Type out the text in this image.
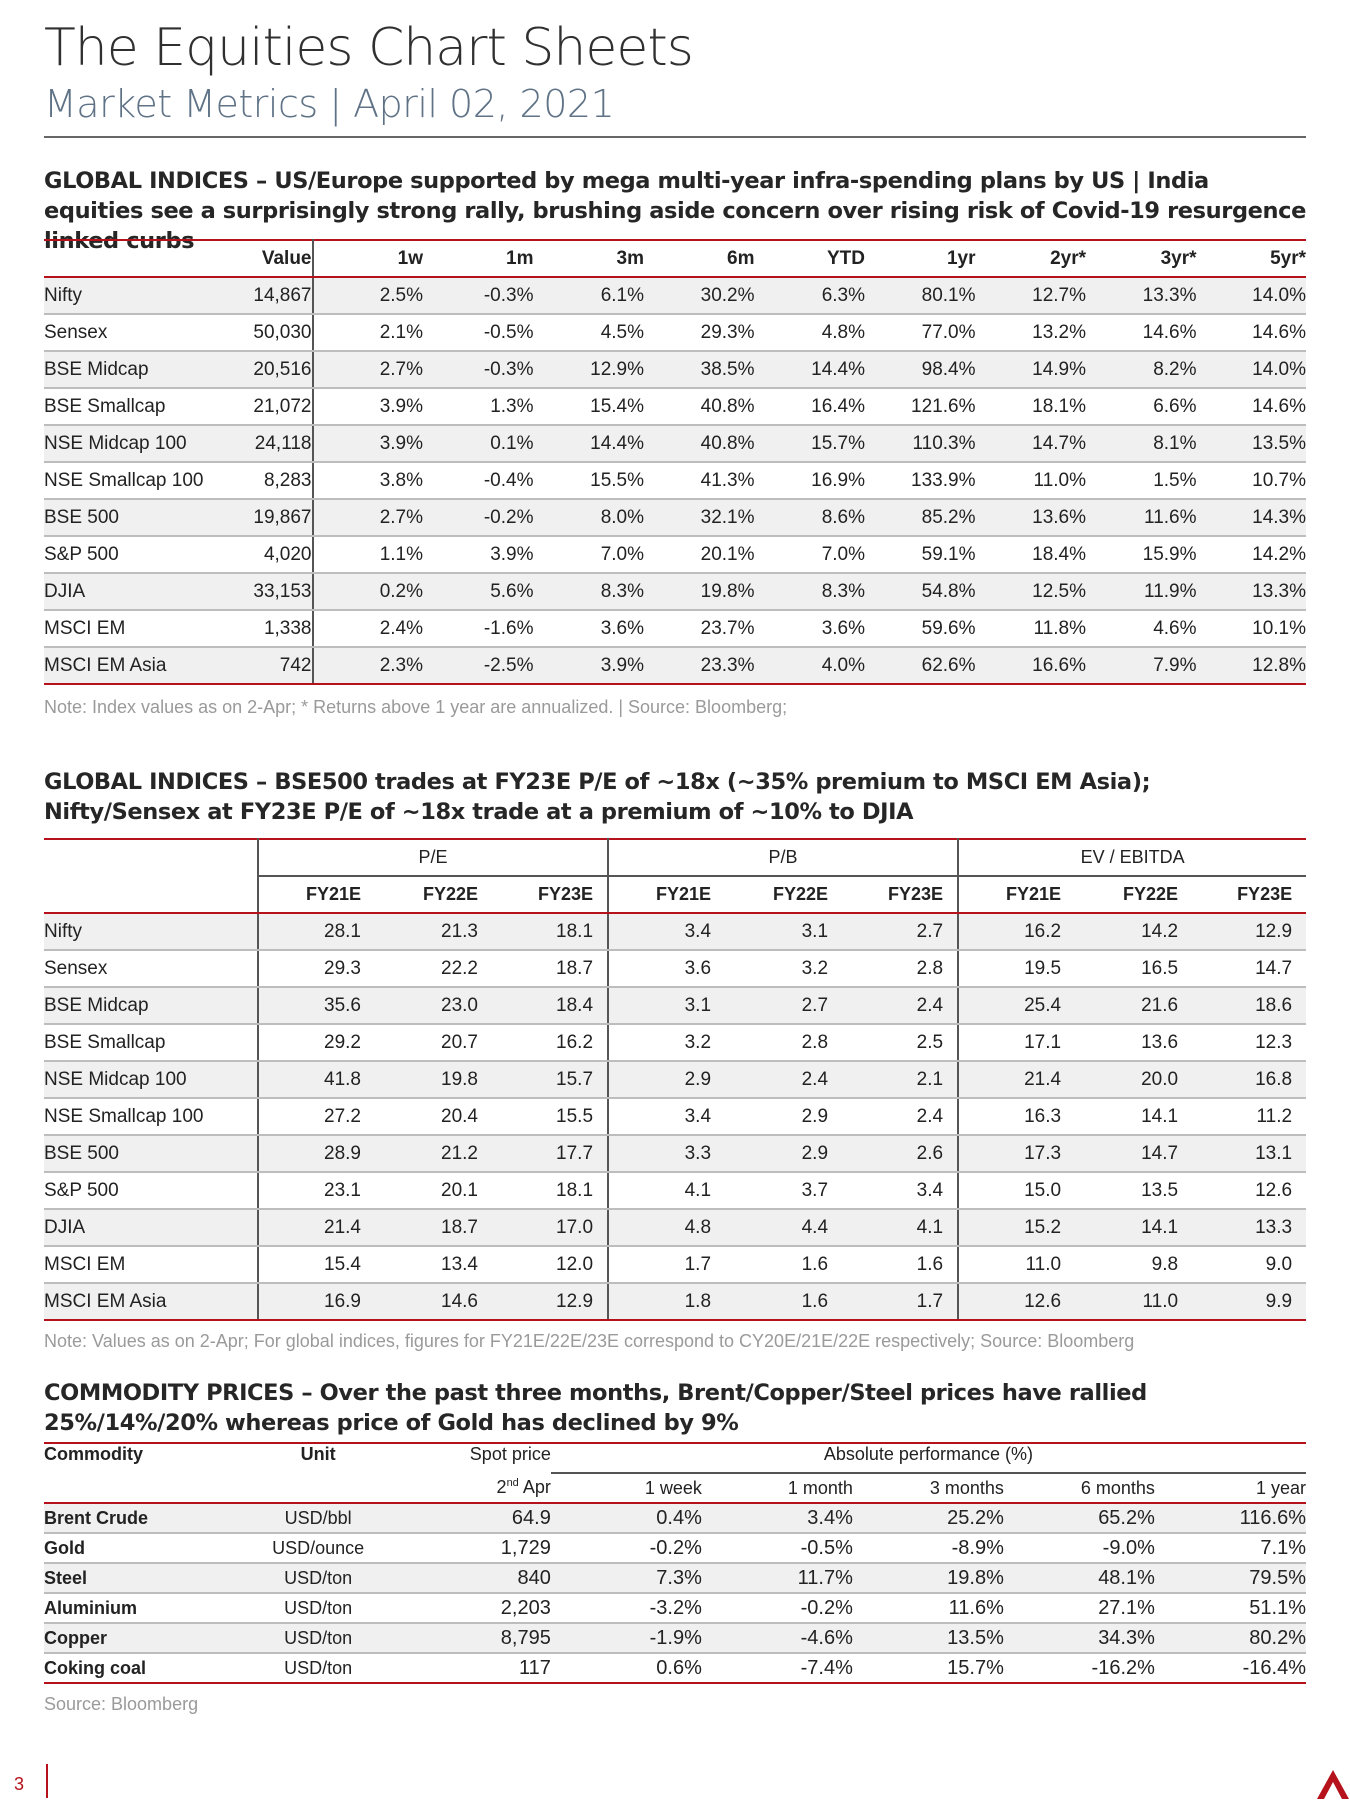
The Equities Chart Sheets
Market Metrics | April 02, 2021
GLOBAL INDICES – US/Europe supported by mega multi-year infra-spending plans by US | India equities see a surprisingly strong rally, brushing aside concern over rising risk of Covid-19 resurgence linked curbs
	Value	1w	1m	3m	6m	YTD	1yr	2yr*	3yr*	5yr*
Nifty	14,867	2.5%	-0.3%	6.1%	30.2%	6.3%	80.1%	12.7%	13.3%	14.0%
Sensex	50,030	2.1%	-0.5%	4.5%	29.3%	4.8%	77.0%	13.2%	14.6%	14.6%
BSE Midcap	20,516	2.7%	-0.3%	12.9%	38.5%	14.4%	98.4%	14.9%	8.2%	14.0%
BSE Smallcap	21,072	3.9%	1.3%	15.4%	40.8%	16.4%	121.6%	18.1%	6.6%	14.6%
NSE Midcap 100	24,118	3.9%	0.1%	14.4%	40.8%	15.7%	110.3%	14.7%	8.1%	13.5%
NSE Smallcap 100	8,283	3.8%	-0.4%	15.5%	41.3%	16.9%	133.9%	11.0%	1.5%	10.7%
BSE 500	19,867	2.7%	-0.2%	8.0%	32.1%	8.6%	85.2%	13.6%	11.6%	14.3%
S&P 500	4,020	1.1%	3.9%	7.0%	20.1%	7.0%	59.1%	18.4%	15.9%	14.2%
DJIA	33,153	0.2%	5.6%	8.3%	19.8%	8.3%	54.8%	12.5%	11.9%	13.3%
MSCI EM	1,338	2.4%	-1.6%	3.6%	23.7%	3.6%	59.6%	11.8%	4.6%	10.1%
MSCI EM Asia	742	2.3%	-2.5%	3.9%	23.3%	4.0%	62.6%	16.6%	7.9%	12.8%
Note: Index values as on 2-Apr; * Returns above 1 year are annualized. | Source: Bloomberg;
GLOBAL INDICES – BSE500 trades at FY23E P/E of ~18x (~35% premium to MSCI EM Asia); Nifty/Sensex at FY23E P/E of ~18x trade at a premium of ~10% to DJIA
	P/E			P/B			EV / EBITDA		
	FY21E	FY22E	FY23E	FY21E	FY22E	FY23E	FY21E	FY22E	FY23E
Nifty	28.1	21.3	18.1	3.4	3.1	2.7	16.2	14.2	12.9
Sensex	29.3	22.2	18.7	3.6	3.2	2.8	19.5	16.5	14.7
BSE Midcap	35.6	23.0	18.4	3.1	2.7	2.4	25.4	21.6	18.6
BSE Smallcap	29.2	20.7	16.2	3.2	2.8	2.5	17.1	13.6	12.3
NSE Midcap 100	41.8	19.8	15.7	2.9	2.4	2.1	21.4	20.0	16.8
NSE Smallcap 100	27.2	20.4	15.5	3.4	2.9	2.4	16.3	14.1	11.2
BSE 500	28.9	21.2	17.7	3.3	2.9	2.6	17.3	14.7	13.1
S&P 500	23.1	20.1	18.1	4.1	3.7	3.4	15.0	13.5	12.6
DJIA	21.4	18.7	17.0	4.8	4.4	4.1	15.2	14.1	13.3
MSCI EM	15.4	13.4	12.0	1.7	1.6	1.6	11.0	9.8	9.0
MSCI EM Asia	16.9	14.6	12.9	1.8	1.6	1.7	12.6	11.0	9.9
Note: Values as on 2-Apr; For global indices, figures for FY21E/22E/23E correspond to CY20E/21E/22E respectively; Source: Bloomberg
COMMODITY PRICES – Over the past three months, Brent/Copper/Steel prices have rallied 25%/14%/20% whereas price of Gold has declined by 9%
Commodity	Unit	Spot price	Absolute performance (%)				
		2nd Apr	1 week	1 month	3 months	6 months	1 year
Brent Crude	USD/bbl	64.9	0.4%	3.4%	25.2%	65.2%	116.6%
Gold	USD/ounce	1,729	-0.2%	-0.5%	-8.9%	-9.0%	7.1%
Steel	USD/ton	840	7.3%	11.7%	19.8%	48.1%	79.5%
Aluminium	USD/ton	2,203	-3.2%	-0.2%	11.6%	27.1%	51.1%
Copper	USD/ton	8,795	-1.9%	-4.6%	13.5%	34.3%	80.2%
Coking coal	USD/ton	117	0.6%	-7.4%	15.7%	-16.2%	-16.4%
Source: Bloomberg
3
